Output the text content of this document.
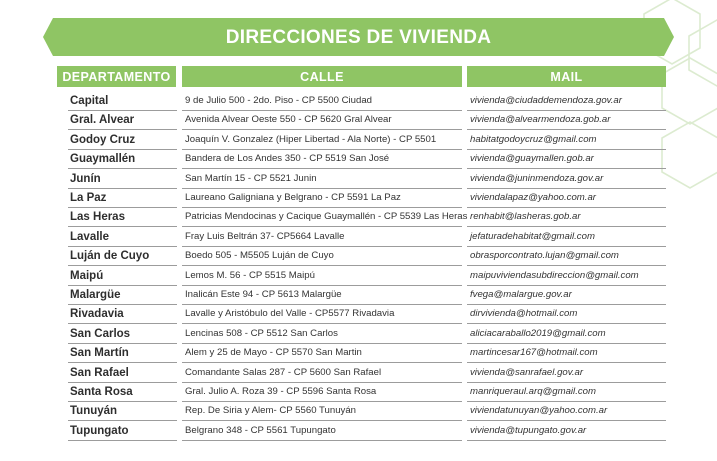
DIRECCIONES DE VIVIENDA
DEPARTAMENTO	CALLE	MAIL
Capital	9 de Julio 500 - 2do. Piso - CP 5500 Ciudad	vivienda@ciudaddemendoza.gov.ar
Gral. Alvear	Avenida Alvear Oeste 550 - CP 5620 Gral Alvear	vivienda@alvearmendoza.gob.ar
Godoy Cruz	Joaquín V. Gonzalez (Hiper Libertad - Ala Norte) - CP 5501	habitatgodoycruz@gmail.com
Guaymallén	Bandera de Los Andes 350 - CP 5519 San José	vivienda@guaymallen.gob.ar
Junín	San Martín 15 - CP 5521 Junin	vivienda@juninmendoza.gov.ar
La Paz	Laureano Galigniana y Belgrano - CP 5591 La Paz	viviendalapaz@yahoo.com.ar
Las Heras	Patricias Mendocinas y Cacique Guaymallén - CP 5539 Las Heras renhabit@lasheras.gob.ar
Lavalle	Fray Luis Beltrán 37- CP5664 Lavalle	jefaturadehabitat@gmail.com
Luján de Cuyo	Boedo 505 - M5505 Luján de Cuyo	obrasporcontrato.lujan@gmail.com
Maipú	Lemos M. 56 - CP 5515 Maipú	maipuviviendasubdireccion@gmail.com
Malargüe	Inalicán Este 94 - CP 5613 Malargüe	fvega@malargue.gov.ar
Rivadavia	Lavalle y Aristóbulo del Valle - CP5577 Rivadavia	dirvivienda@hotmail.com
San Carlos	Lencinas 508 - CP 5512 San Carlos	aliciacaraballo2019@gmail.com
San Martín	Alem y 25 de Mayo - CP 5570 San Martin	martincesar167@hotmail.com
San Rafael	Comandante Salas 287 - CP 5600 San Rafael	vivienda@sanrafael.gov.ar
Santa Rosa	Gral. Julio A. Roza 39 - CP 5596 Santa Rosa	manriqueraul.arq@gmail.com
Tunuyán	Rep. De Siria y Alem- CP 5560 Tunuyán	viviendatunuyan@yahoo.com.ar
Tupungato	Belgrano 348 - CP 5561 Tupungato	vivienda@tupungato.gov.ar
